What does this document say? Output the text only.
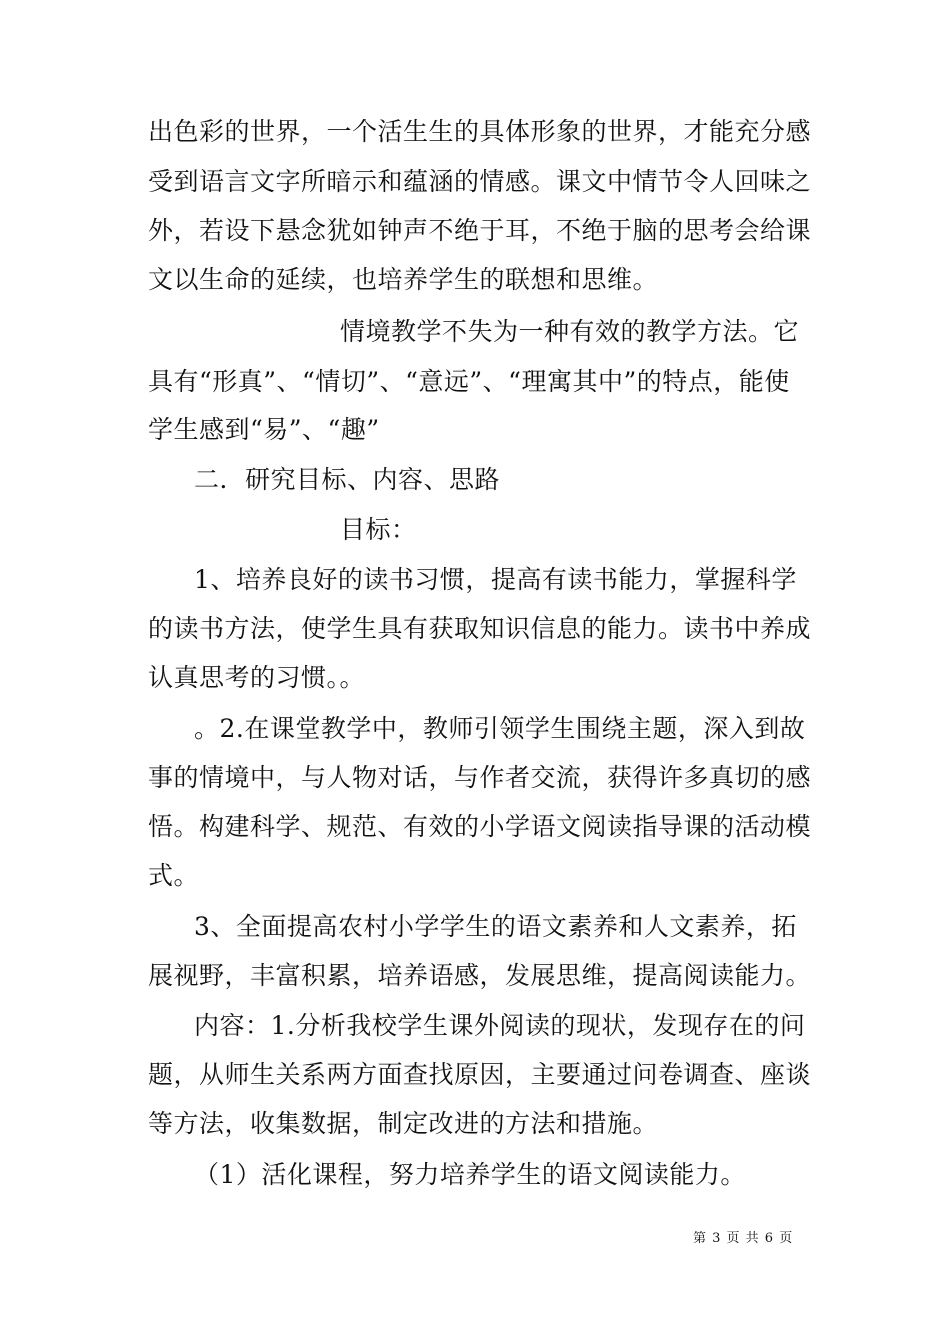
出色彩的世界，一个活生生的具体形象的世界，才能充分感
受到语言文字所暗示和蕴涵的情感。课文中情节令人回味之
外，若设下悬念犹如钟声不绝于耳，不绝于脑的思考会给课
文以生命的延续，也培养学生的联想和思维。
情境教学不失为一种有效的教学方法。它
具有“形真”、“情切”、“意远”、“理寓其中”的特点，能使
学生感到“易”、“趣”
二．研究目标、内容、思路
目标：
1、培养良好的读书习惯，提高有读书能力，掌握科学
的读书方法，使学生具有获取知识信息的能力。读书中养成
认真思考的习惯。。
。2.在课堂教学中，教师引领学生围绕主题，深入到故
事的情境中，与人物对话，与作者交流，获得许多真切的感
悟。构建科学、规范、有效的小学语文阅读指导课的活动模
式。
3、全面提高农村小学学生的语文素养和人文素养，拓
展视野，丰富积累，培养语感，发展思维，提高阅读能力。
内容：1.分析我校学生课外阅读的现状，发现存在的问
题，从师生关系两方面查找原因，主要通过问卷调查、座谈
等方法，收集数据，制定改进的方法和措施。
（1）活化课程，努力培养学生的语文阅读能力。
第 3 页 共 6 页
